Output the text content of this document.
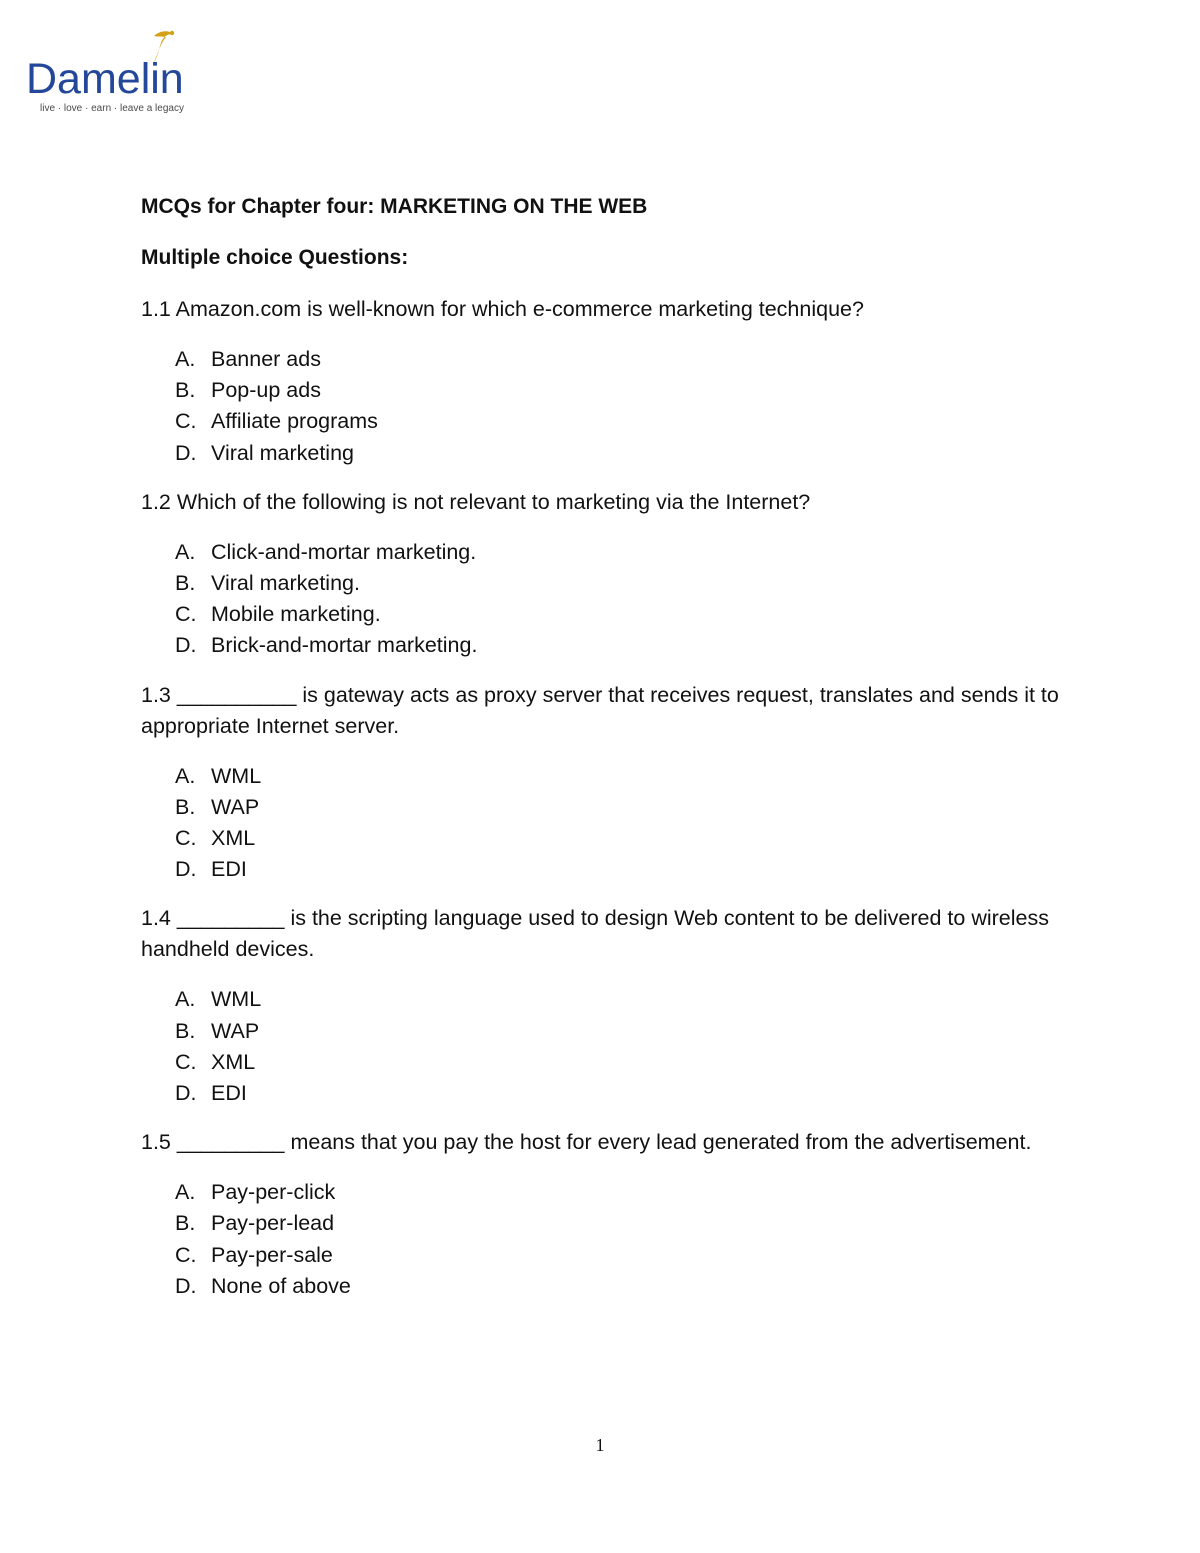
Damelin
live · love · earn · leave a legacy

MCQs for Chapter four: MARKETING ON THE WEB

Multiple choice Questions:

1.1 Amazon.com is well-known for which e-commerce marketing technique?

A. Banner ads
B. Pop-up ads
C. Affiliate programs
D. Viral marketing

1.2 Which of the following is not relevant to marketing via the Internet?

A. Click-and-mortar marketing.
B. Viral marketing.
C. Mobile marketing.
D. Brick-and-mortar marketing.

1.3 __________ is gateway acts as proxy server that receives request, translates and sends it to appropriate Internet server.

A. WML
B. WAP
C. XML
D. EDI

1.4 _________ is the scripting language used to design Web content to be delivered to wireless handheld devices.

A. WML
B. WAP
C. XML
D. EDI

1.5 _________ means that you pay the host for every lead generated from the advertisement.

A. Pay-per-click
B. Pay-per-lead
C. Pay-per-sale
D. None of above
1
